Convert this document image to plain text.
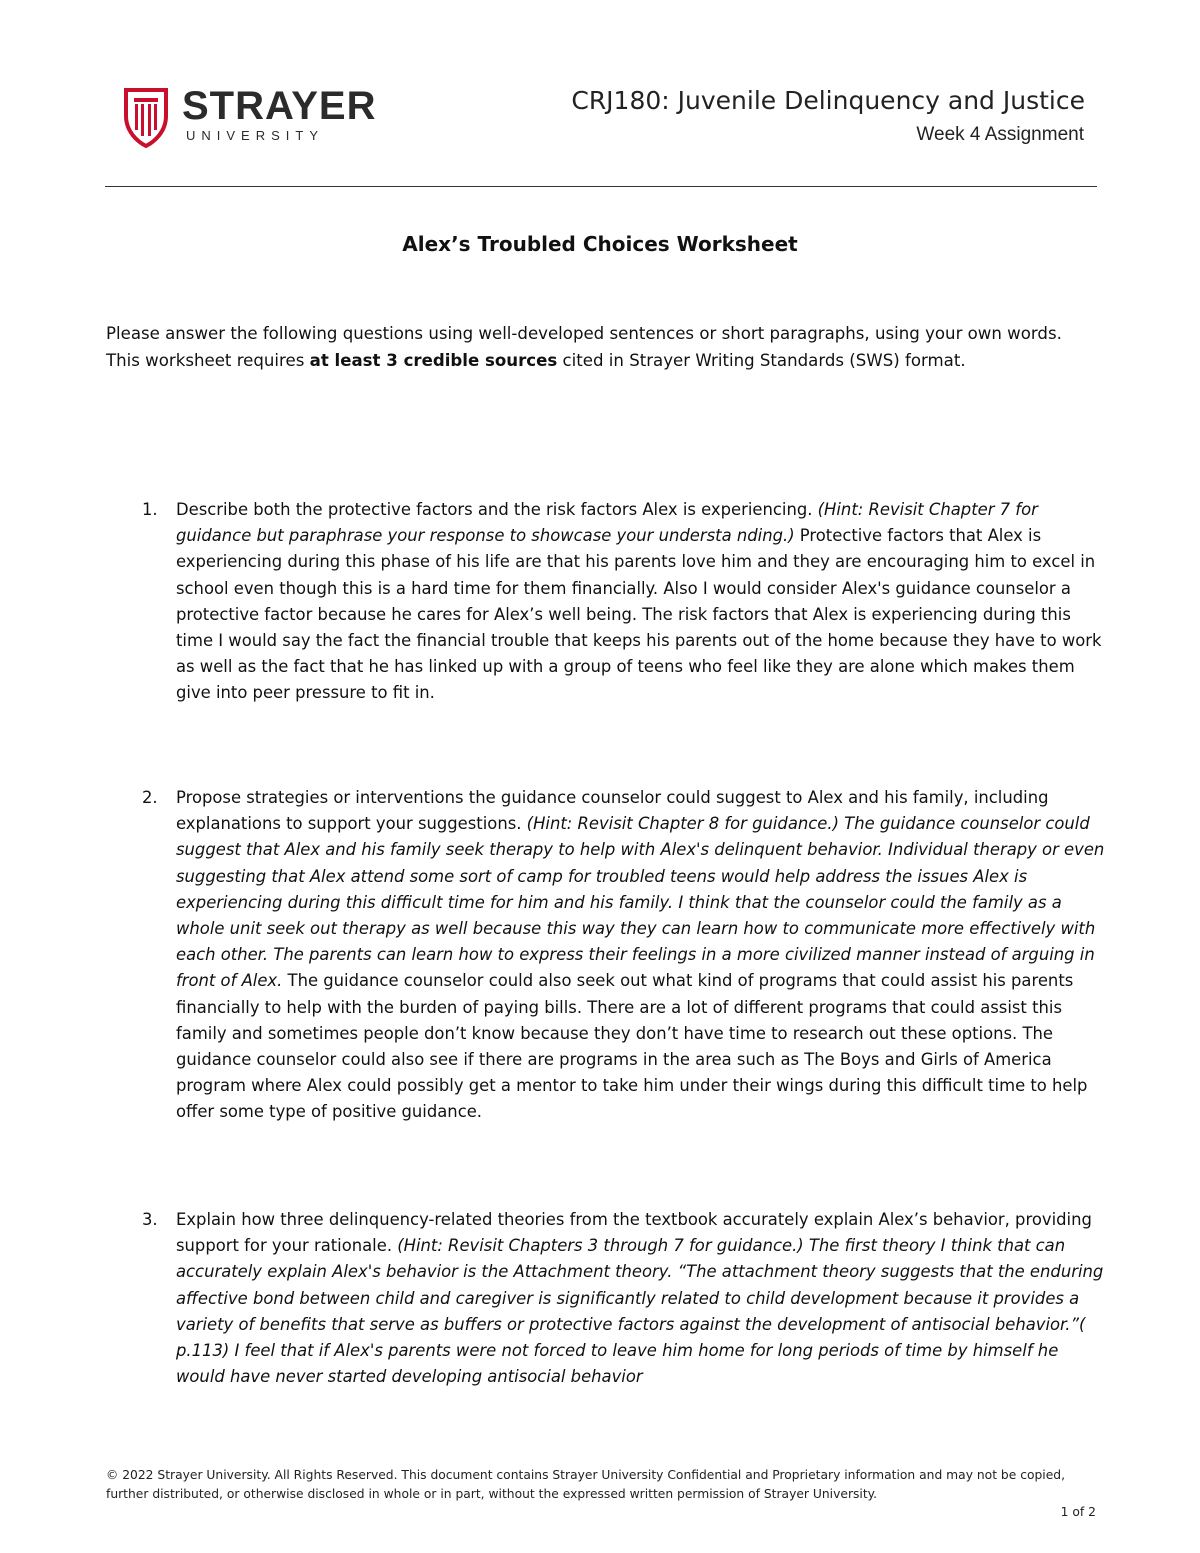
STRAYER
UNIVERSITY
CRJ180: Juvenile Delinquency and Justice
Week 4 Assignment
Alex’s Troubled Choices Worksheet
Please answer the following questions using well-developed sentences or short paragraphs, using your own words. This worksheet requires at least 3 credible sources cited in Strayer Writing Standards (SWS) format.
1. Describe both the protective factors and the risk factors Alex is experiencing. (Hint: Revisit Chapter 7 for guidance but paraphrase your response to showcase your understa nding.) Protective factors that Alex is experiencing during this phase of his life are that his parents love him and they are encouraging him to excel in school even though this is a hard time for them financially. Also I would consider Alex's guidance counselor a protective factor because he cares for Alex’s well being. The risk factors that Alex is experiencing during this time I would say the fact the financial trouble that keeps his parents out of the home because they have to work as well as the fact that he has linked up with a group of teens who feel like they are alone which makes them give into peer pressure to fit in.
2. Propose strategies or interventions the guidance counselor could suggest to Alex and his family, including explanations to support your suggestions. (Hint: Revisit Chapter 8 for guidance.) The guidance counselor could suggest that Alex and his family seek therapy to help with Alex's delinquent behavior. Individual therapy or even suggesting that Alex attend some sort of camp for troubled teens would help address the issues Alex is experiencing during this difficult time for him and his family. I think that the counselor could the family as a whole unit seek out therapy as well because this way they can learn how to communicate more effectively with each other. The parents can learn how to express their feelings in a more civilized manner instead of arguing in front of Alex. The guidance counselor could also seek out what kind of programs that could assist his parents financially to help with the burden of paying bills. There are a lot of different programs that could assist this family and sometimes people don’t know because they don’t have time to research out these options. The guidance counselor could also see if there are programs in the area such as The Boys and Girls of America program where Alex could possibly get a mentor to take him under their wings during this difficult time to help offer some type of positive guidance.
3. Explain how three delinquency-related theories from the textbook accurately explain Alex’s behavior, providing support for your rationale. (Hint: Revisit Chapters 3 through 7 for guidance.) The first theory I think that can accurately explain Alex's behavior is the Attachment theory. “The attachment theory suggests that the enduring affective bond between child and caregiver is significantly related to child development because it provides a variety of benefits that serve as buffers or protective factors against the development of antisocial behavior.”( p.113) I feel that if Alex's parents were not forced to leave him home for long periods of time by himself he would have never started developing antisocial behavior
© 2022 Strayer University. All Rights Reserved. This document contains Strayer University Confidential and Proprietary information and may not be copied, further distributed, or otherwise disclosed in whole or in part, without the expressed written permission of Strayer University.
1 of 2
